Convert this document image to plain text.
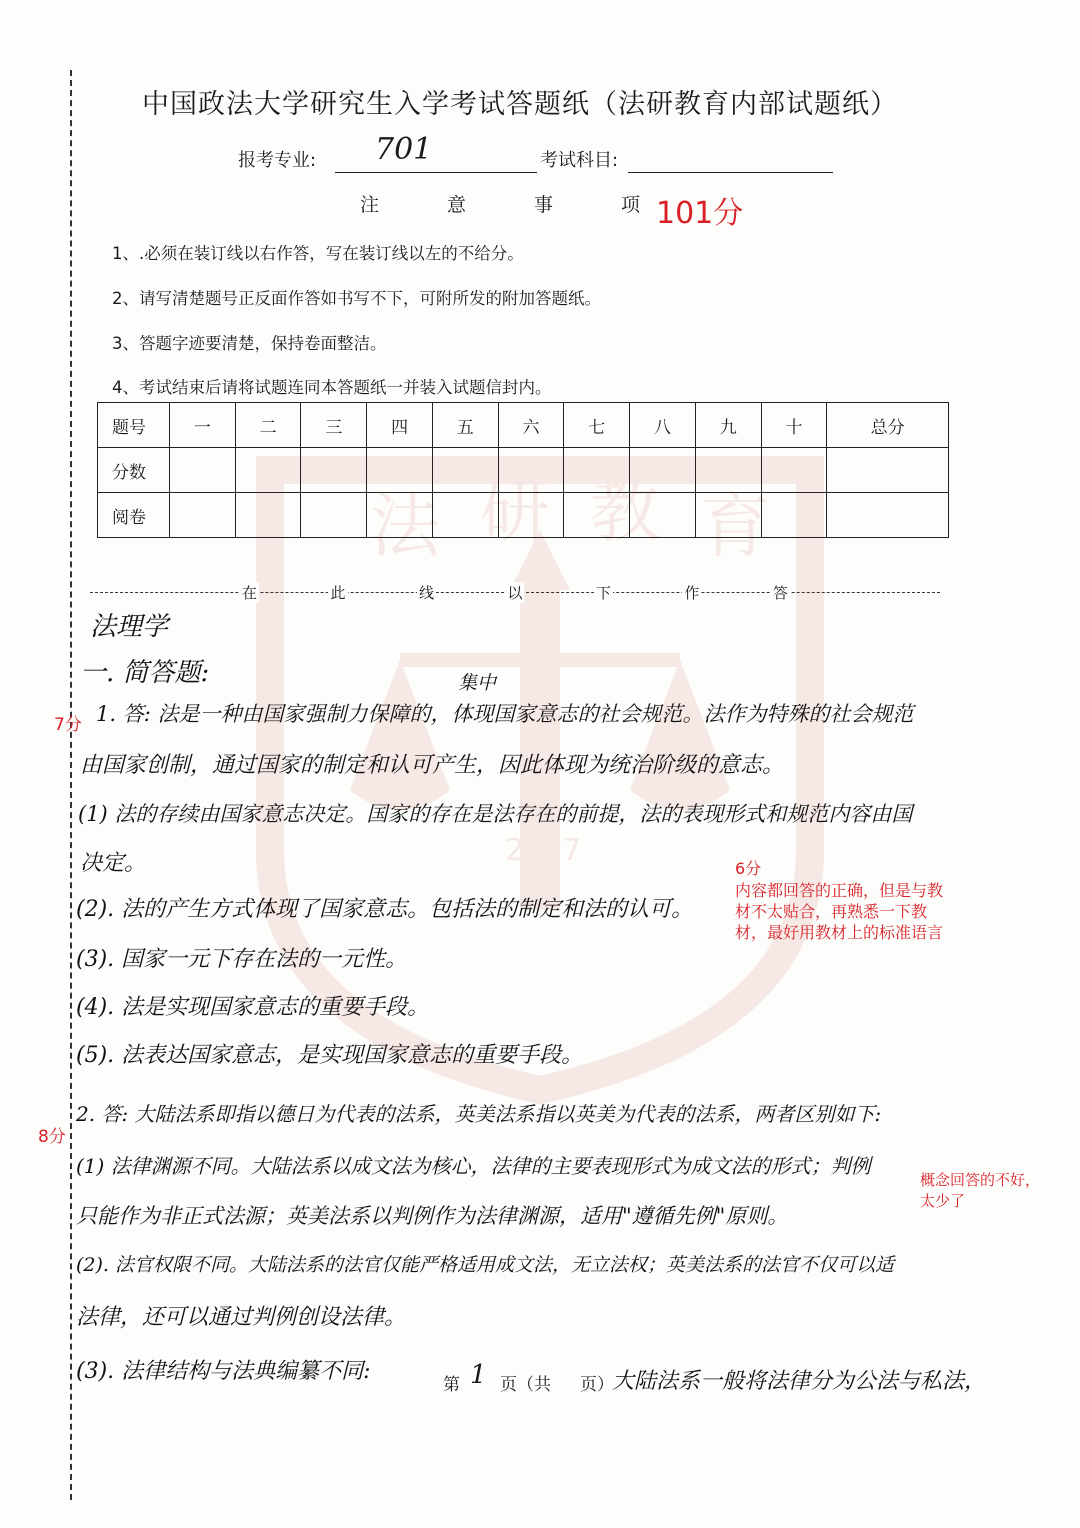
法 研 教 育
2007
中国政法大学研究生入学考试答题纸（法研教育内部试题纸）
报考专业: 701	考试科目:
注	意	事	项 101分
1、.必须在装订线以右作答，写在装订线以左的不给分。
2、请写清楚题号正反面作答如书写不下，可附所发的附加答题纸。
3、答题字迹要清楚，保持卷面整洁。
4、考试结束后请将试题连同本答题纸一并装入试题信封内。
题号	一	二	三	四	五	六	七	八	九	十	总分
分数											
阅卷											
在	此	线	以	下	作	答
法理学
一. 简答题:	集中
1. 答: 法是一种由国家强制力保障的，体现国家意志的社会规范。法作为特殊的社会规范
由国家创制，通过国家的制定和认可产生，因此体现为统治阶级的意志。
(1) 法的存续由国家意志决定。国家的存在是法存在的前提，法的表现形式和规范内容由国
决定。
(2). 法的产生方式体现了国家意志。包括法的制定和法的认可。
(3). 国家一元下存在法的一元性。
(4). 法是实现国家意志的重要手段。
(5). 法表达国家意志，是实现国家意志的重要手段。
2. 答: 大陆法系即指以德日为代表的法系，英美法系指以英美为代表的法系，两者区别如下:
(1) 法律渊源不同。大陆法系以成文法为核心，法律的主要表现形式为成文法的形式；判例
只能作为非正式法源；英美法系以判例作为法律渊源，适用"遵循先例"原则。
(2). 法官权限不同。大陆法系的法官仅能严格适用成文法，无立法权；英美法系的法官不仅可以适
法律，还可以通过判例创设法律。
(3). 法律结构与法典编纂不同:	大陆法系一般将法律分为公法与私法，
第 1 页（共 页）
7分
6分
内容都回答的正确，但是与教
材不太贴合，再熟悉一下教
材，最好用教材上的标准语言
8分
概念回答的不好，
太少了
